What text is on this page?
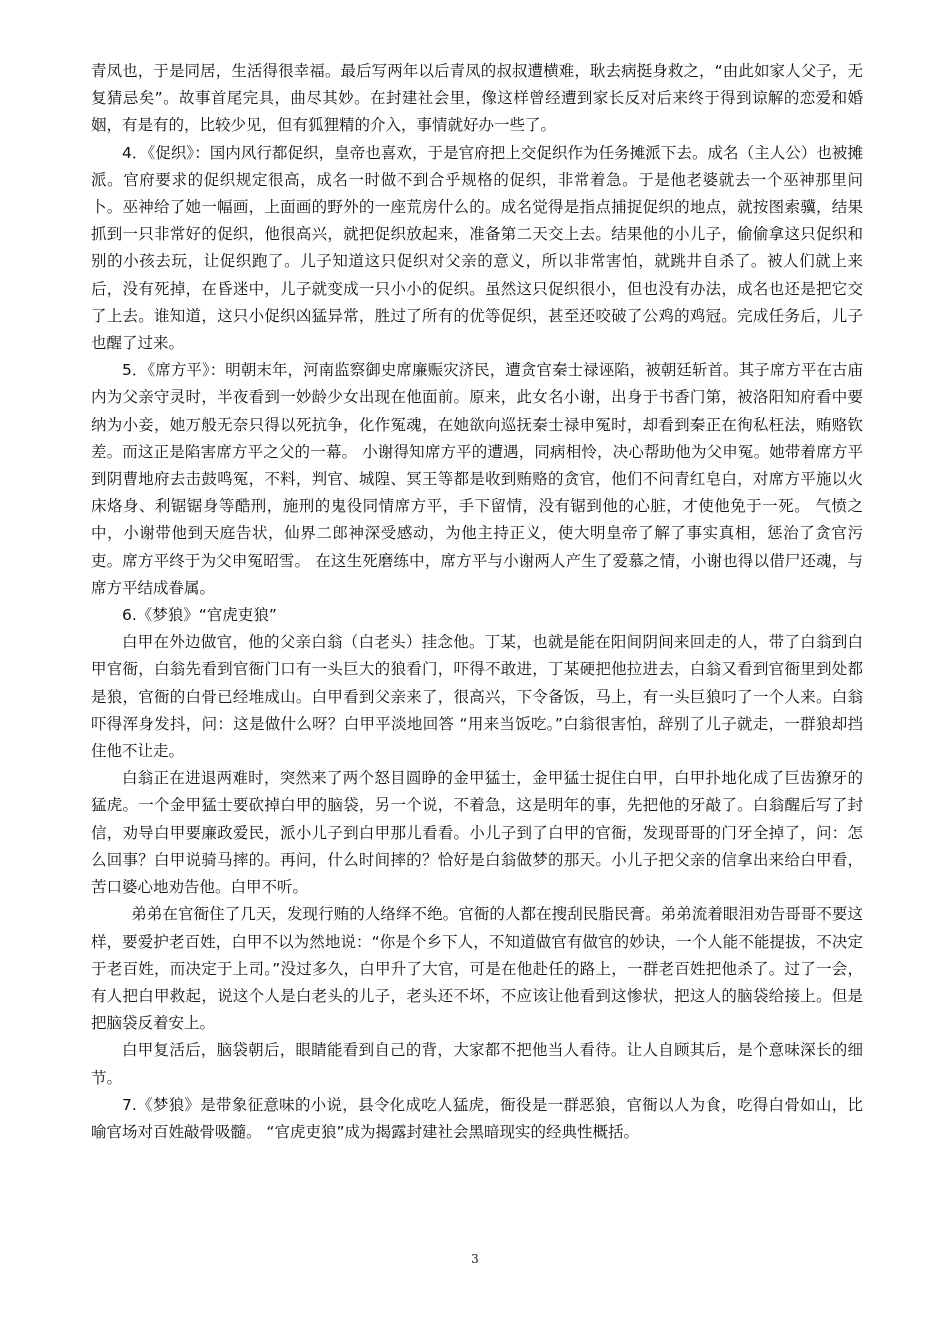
青凤也，于是同居，生活得很幸福。最后写两年以后青凤的叔叔遭横难，耿去病挺身救之，“由此如家人父子，无复猜忌矣”。故事首尾完具，曲尽其妙。在封建社会里，像这样曾经遭到家长反对后来终于得到谅解的恋爱和婚姻，有是有的，比较少见，但有狐狸精的介入，事情就好办一些了。

4．《促织》：国内风行都促织，皇帝也喜欢，于是官府把上交促织作为任务摊派下去。成名（主人公）也被摊派。官府要求的促织规定很高，成名一时做不到合乎规格的促织，非常着急。于是他老婆就去一个巫神那里问卜。巫神给了她一幅画，上面画的野外的一座荒房什么的。成名觉得是指点捕捉促织的地点，就按图索骥，结果抓到一只非常好的促织，他很高兴，就把促织放起来，准备第二天交上去。结果他的小儿子，偷偷拿这只促织和别的小孩去玩，让促织跑了。儿子知道这只促织对父亲的意义，所以非常害怕，就跳井自杀了。被人们就上来后，没有死掉，在昏迷中，儿子就变成一只小小的促织。虽然这只促织很小，但也没有办法，成名也还是把它交了上去。谁知道，这只小促织凶猛异常，胜过了所有的优等促织，甚至还咬破了公鸡的鸡冠。完成任务后，儿子也醒了过来。

5．《席方平》：明朝末年，河南监察御史席廉赈灾济民，遭贪官秦士禄诬陷，被朝廷斩首。其子席方平在古庙内为父亲守灵时，半夜看到一妙龄少女出现在他面前。原来，此女名小谢，出身于书香门第，被洛阳知府看中要纳为小妾，她万般无奈只得以死抗争，化作冤魂，在她欲向巡抚秦士禄申冤时，却看到秦正在徇私枉法，贿赂钦差。而这正是陷害席方平之父的一幕。 小谢得知席方平的遭遇，同病相怜，决心帮助他为父申冤。她带着席方平到阴曹地府去击鼓鸣冤，不料，判官、城隍、冥王等都是收到贿赂的贪官，他们不问青红皂白，对席方平施以火床烙身、利锯锯身等酷刑，施刑的鬼役同情席方平，手下留情，没有锯到他的心脏，才使他免于一死。 气愤之中，小谢带他到天庭告状，仙界二郎神深受感动，为他主持正义，使大明皇帝了解了事实真相，惩治了贪官污吏。席方平终于为父申冤昭雪。 在这生死磨练中，席方平与小谢两人产生了爱慕之情，小谢也得以借尸还魂，与席方平结成眷属。

6.《梦狼》“官虎吏狼”

白甲在外边做官，他的父亲白翁（白老头）挂念他。丁某，也就是能在阳间阴间来回走的人，带了白翁到白甲官衙，白翁先看到官衙门口有一头巨大的狼看门，吓得不敢进，丁某硬把他拉进去，白翁又看到官衙里到处都是狼，官衙的白骨已经堆成山。白甲看到父亲来了，很高兴，下令备饭，马上，有一头巨狼叼了一个人来。白翁吓得浑身发抖，问：这是做什么呀？白甲平淡地回答 “用来当饭吃。”白翁很害怕，辞别了儿子就走，一群狼却挡住他不让走。

白翁正在进退两难时，突然来了两个怒目圆睁的金甲猛士，金甲猛士捉住白甲，白甲扑地化成了巨齿獠牙的猛虎。一个金甲猛士要砍掉白甲的脑袋，另一个说，不着急，这是明年的事，先把他的牙敲了。白翁醒后写了封信，劝导白甲要廉政爱民，派小儿子到白甲那儿看看。小儿子到了白甲的官衙，发现哥哥的门牙全掉了，问：怎么回事？白甲说骑马摔的。再问，什么时间摔的？恰好是白翁做梦的那天。小儿子把父亲的信拿出来给白甲看，苦口婆心地劝告他。白甲不听。

弟弟在官衙住了几天，发现行贿的人络绎不绝。官衙的人都在搜刮民脂民膏。弟弟流着眼泪劝告哥哥不要这样，要爱护老百姓，白甲不以为然地说：“你是个乡下人，不知道做官有做官的妙诀，一个人能不能提拔，不决定于老百姓，而决定于上司。”没过多久，白甲升了大官，可是在他赴任的路上，一群老百姓把他杀了。过了一会，有人把白甲救起，说这个人是白老头的儿子，老头还不坏，不应该让他看到这惨状，把这人的脑袋给接上。但是把脑袋反着安上。

白甲复活后，脑袋朝后，眼睛能看到自己的背，大家都不把他当人看待。让人自顾其后，是个意味深长的细节。

7.《梦狼》是带象征意味的小说，县令化成吃人猛虎，衙役是一群恶狼，官衙以人为食，吃得白骨如山，比喻官场对百姓敲骨吸髓。 “官虎吏狼”成为揭露封建社会黑暗现实的经典性概括。

3
